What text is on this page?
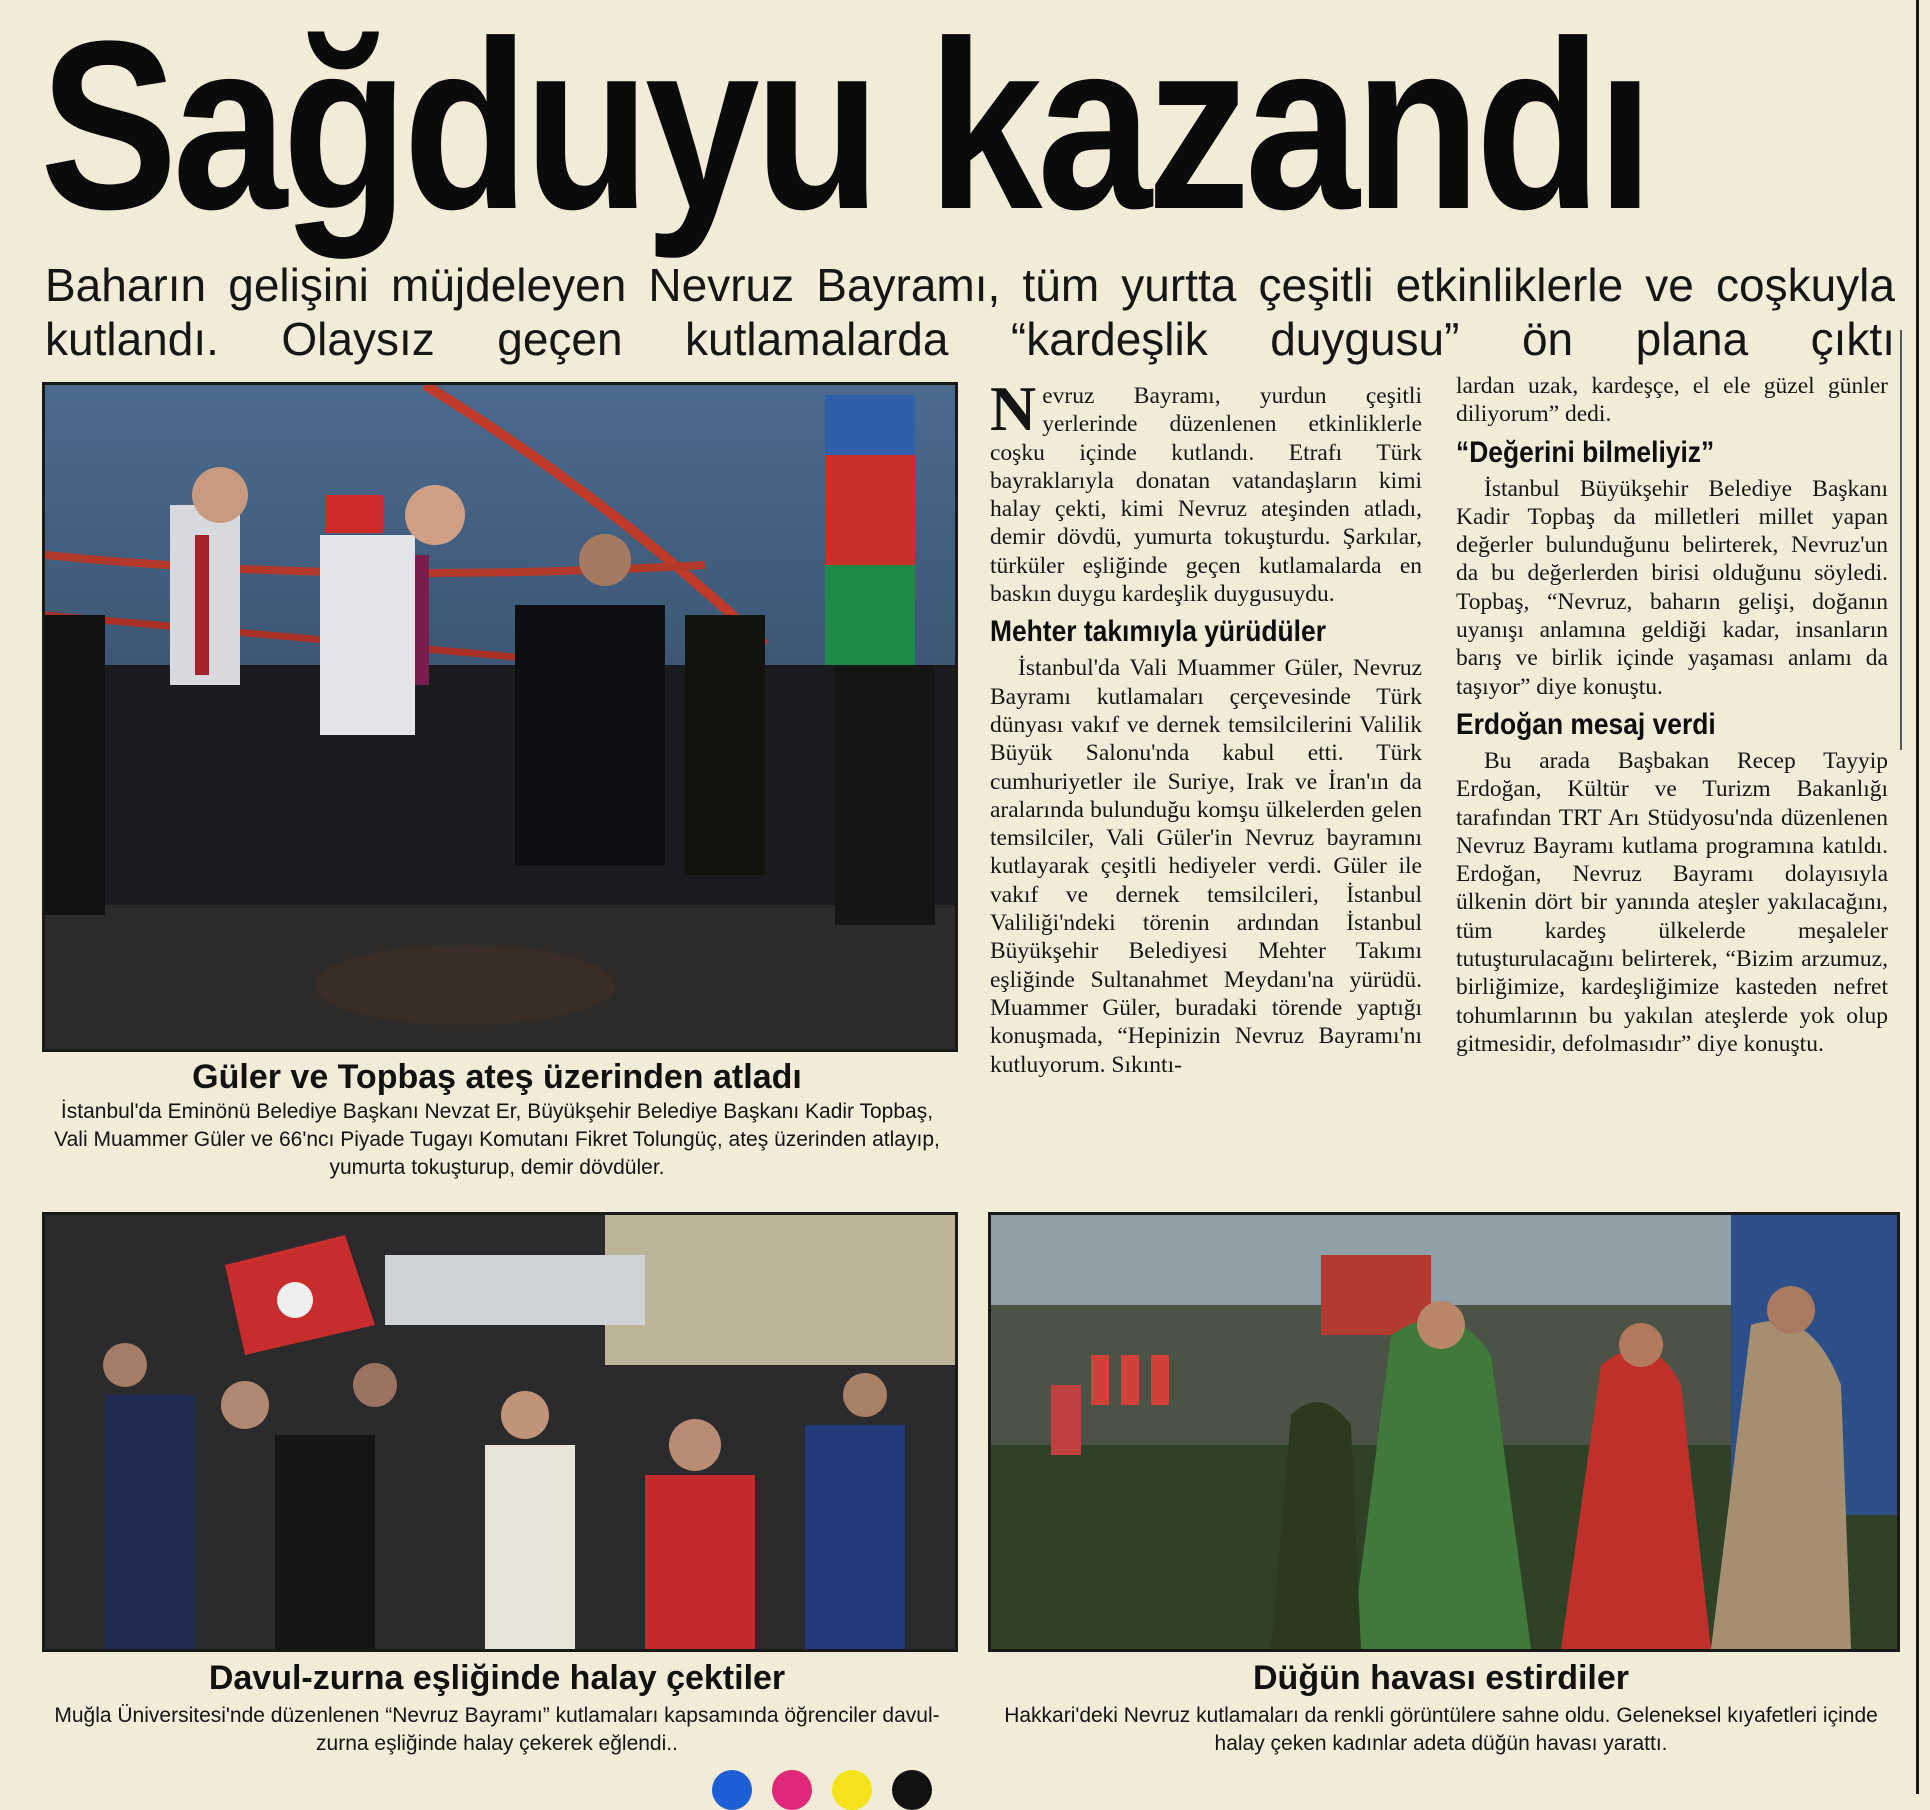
Sağduyu kazandı
Baharın gelişini müjdeleyen Nevruz Bayramı, tüm yurtta çeşitli etkinliklerle ve coşkuyla kutlandı. Olaysız geçen kutlamalarda “kardeşlik duygusu” ön plana çıktı
Güler ve Topbaş ateş üzerinden atladı
İstanbul'da Eminönü Belediye Başkanı Nevzat Er, Büyükşehir Belediye Başkanı Kadir Topbaş, Vali Muammer Güler ve 66'ncı Piyade Tugayı Komutanı Fikret Tolungüç, ateş üzerinden atlayıp, yumurta tokuşturup, demir dövdüler.

Nevruz Bayramı, yurdun çeşitli yerlerinde düzenlenen etkinliklerle coşku içinde kutlandı. Etrafı Türk bayraklarıyla donatan vatandaşların kimi halay çekti, kimi Nevruz ateşinden atladı, demir dövdü, yumurta tokuşturdu. Şarkılar, türküler eşliğinde geçen kutlamalarda en baskın duygu kardeşlik duygusuydu.

Mehter takımıyla yürüdüler

İstanbul'da Vali Muammer Güler, Nevruz Bayramı kutlamaları çerçevesinde Türk dünyası vakıf ve dernek temsilcilerini Valilik Büyük Salonu'nda kabul etti. Türk cumhuriyetler ile Suriye, Irak ve İran'ın da aralarında bulunduğu komşu ülkelerden gelen temsilciler, Vali Güler'in Nevruz bayramını kutlayarak çeşitli hediyeler verdi. Güler ile vakıf ve dernek temsilcileri, İstanbul Valiliği'ndeki törenin ardından İstanbul Büyükşehir Belediyesi Mehter Takımı eşliğinde Sultanahmet Meydanı'na yürüdü. Muammer Güler, buradaki törende yaptığı konuşmada, “Hepinizin Nevruz Bayramı'nı kutluyorum. Sıkıntı-

lardan uzak, kardeşçe, el ele güzel günler diliyorum” dedi.

“Değerini bilmeliyiz”

İstanbul Büyükşehir Belediye Başkanı Kadir Topbaş da milletleri millet yapan değerler bulunduğunu belirterek, Nevruz'un da bu değerlerden birisi olduğunu söyledi. Topbaş, “Nevruz, baharın gelişi, doğanın uyanışı anlamına geldiği kadar, insanların barış ve birlik içinde yaşaması anlamı da taşıyor” diye konuştu.

Erdoğan mesaj verdi

Bu arada Başbakan Recep Tayyip Erdoğan, Kültür ve Turizm Bakanlığı tarafından TRT Arı Stüdyosu'nda düzenlenen Nevruz Bayramı kutlama programına katıldı. Erdoğan, Nevruz Bayramı dolayısıyla ülkenin dört bir yanında ateşler yakılacağını, tüm kardeş ülkelerde meşaleler tutuşturulacağını belirterek, “Bizim arzumuz, birliğimize, kardeşliğimize kasteden nefret tohumlarının bu yakılan ateşlerde yok olup gitmesidir, defolmasıdır” diye konuştu.

Davul-zurna eşliğinde halay çektiler
Muğla Üniversitesi'nde düzenlenen “Nevruz Bayramı” kutlamaları kapsamında öğrenciler davul-zurna eşliğinde halay çekerek eğlendi..
Düğün havası estirdiler
Hakkari'deki Nevruz kutlamaları da renkli görüntülere sahne oldu. Geleneksel kıyafetleri içinde halay çeken kadınlar adeta düğün havası yarattı.
